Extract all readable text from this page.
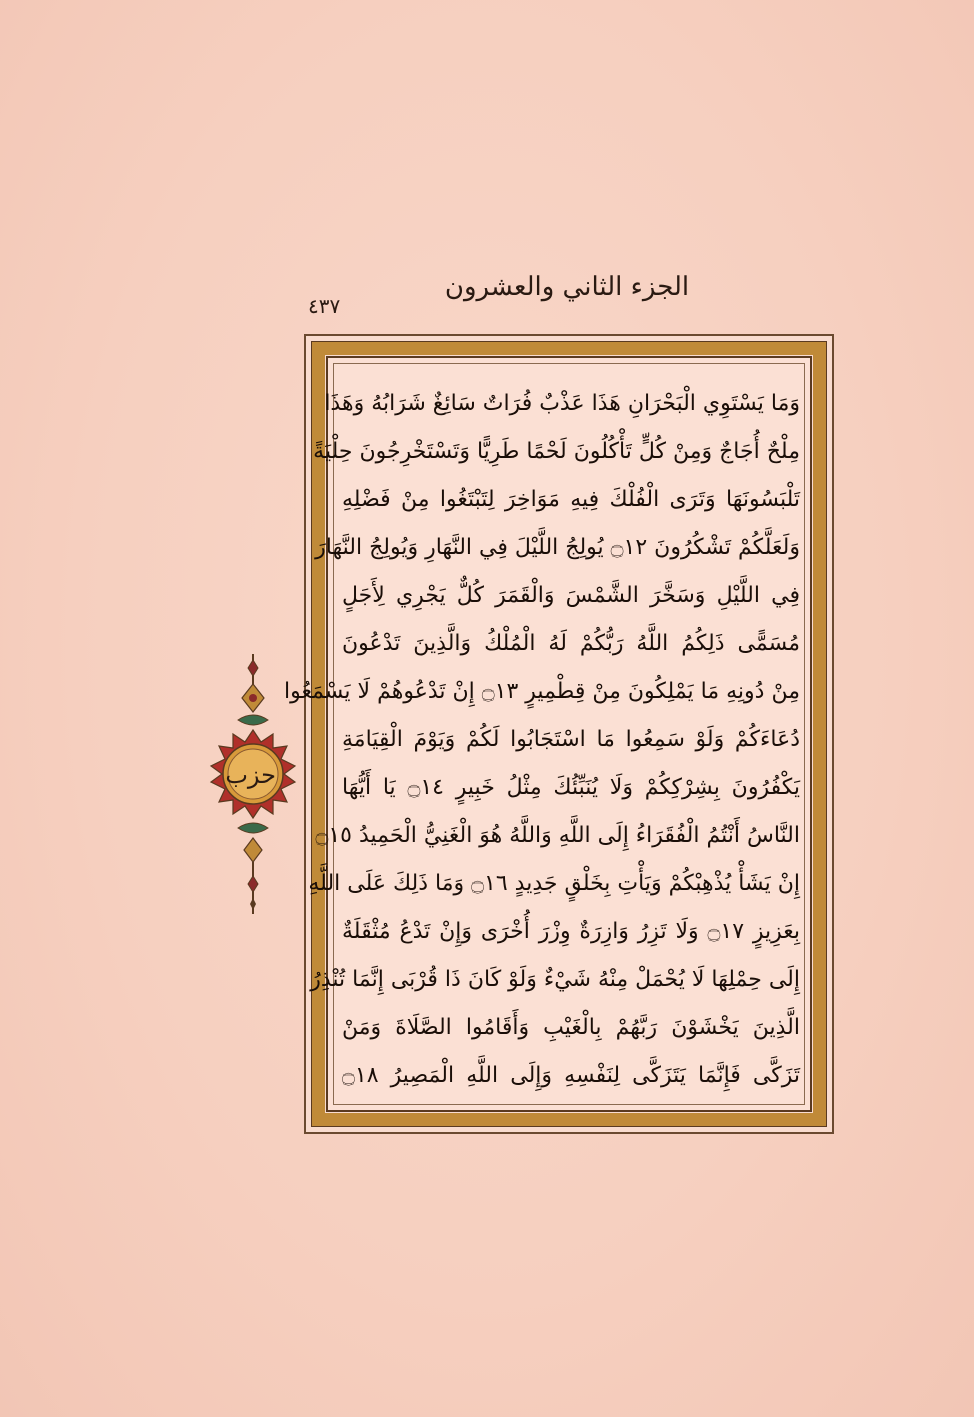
الجزء الثاني والعشرون
٤٣٧
حزب

وَمَا يَسْتَوِي الْبَحْرَانِ هَذَا عَذْبٌ فُرَاتٌ سَائِغٌ شَرَابُهُ وَهَذَا

مِلْحٌ أُجَاجٌ وَمِنْ كُلٍّ تَأْكُلُونَ لَحْمًا طَرِيًّا وَتَسْتَخْرِجُونَ حِلْيَةً

تَلْبَسُونَهَا وَتَرَى الْفُلْكَ فِيهِ مَوَاخِرَ لِتَبْتَغُوا مِنْ فَضْلِهِ

وَلَعَلَّكُمْ تَشْكُرُونَ ۝١٢ يُولِجُ اللَّيْلَ فِي النَّهَارِ وَيُولِجُ النَّهَارَ

فِي اللَّيْلِ وَسَخَّرَ الشَّمْسَ وَالْقَمَرَ كُلٌّ يَجْرِي لِأَجَلٍ

مُسَمًّى ذَلِكُمُ اللَّهُ رَبُّكُمْ لَهُ الْمُلْكُ وَالَّذِينَ تَدْعُونَ

مِنْ دُونِهِ مَا يَمْلِكُونَ مِنْ قِطْمِيرٍ ۝١٣ إِنْ تَدْعُوهُمْ لَا يَسْمَعُوا

دُعَاءَكُمْ وَلَوْ سَمِعُوا مَا اسْتَجَابُوا لَكُمْ وَيَوْمَ الْقِيَامَةِ

يَكْفُرُونَ بِشِرْكِكُمْ وَلَا يُنَبِّئُكَ مِثْلُ خَبِيرٍ ۝١٤ يَا أَيُّهَا

النَّاسُ أَنْتُمُ الْفُقَرَاءُ إِلَى اللَّهِ وَاللَّهُ هُوَ الْغَنِيُّ الْحَمِيدُ ۝١٥

إِنْ يَشَأْ يُذْهِبْكُمْ وَيَأْتِ بِخَلْقٍ جَدِيدٍ ۝١٦ وَمَا ذَلِكَ عَلَى اللَّهِ

بِعَزِيزٍ ۝١٧ وَلَا تَزِرُ وَازِرَةٌ وِزْرَ أُخْرَى وَإِنْ تَدْعُ مُثْقَلَةٌ

إِلَى حِمْلِهَا لَا يُحْمَلْ مِنْهُ شَيْءٌ وَلَوْ كَانَ ذَا قُرْبَى إِنَّمَا تُنْذِرُ

الَّذِينَ يَخْشَوْنَ رَبَّهُمْ بِالْغَيْبِ وَأَقَامُوا الصَّلَاةَ وَمَنْ

تَزَكَّى فَإِنَّمَا يَتَزَكَّى لِنَفْسِهِ وَإِلَى اللَّهِ الْمَصِيرُ ۝١٨
